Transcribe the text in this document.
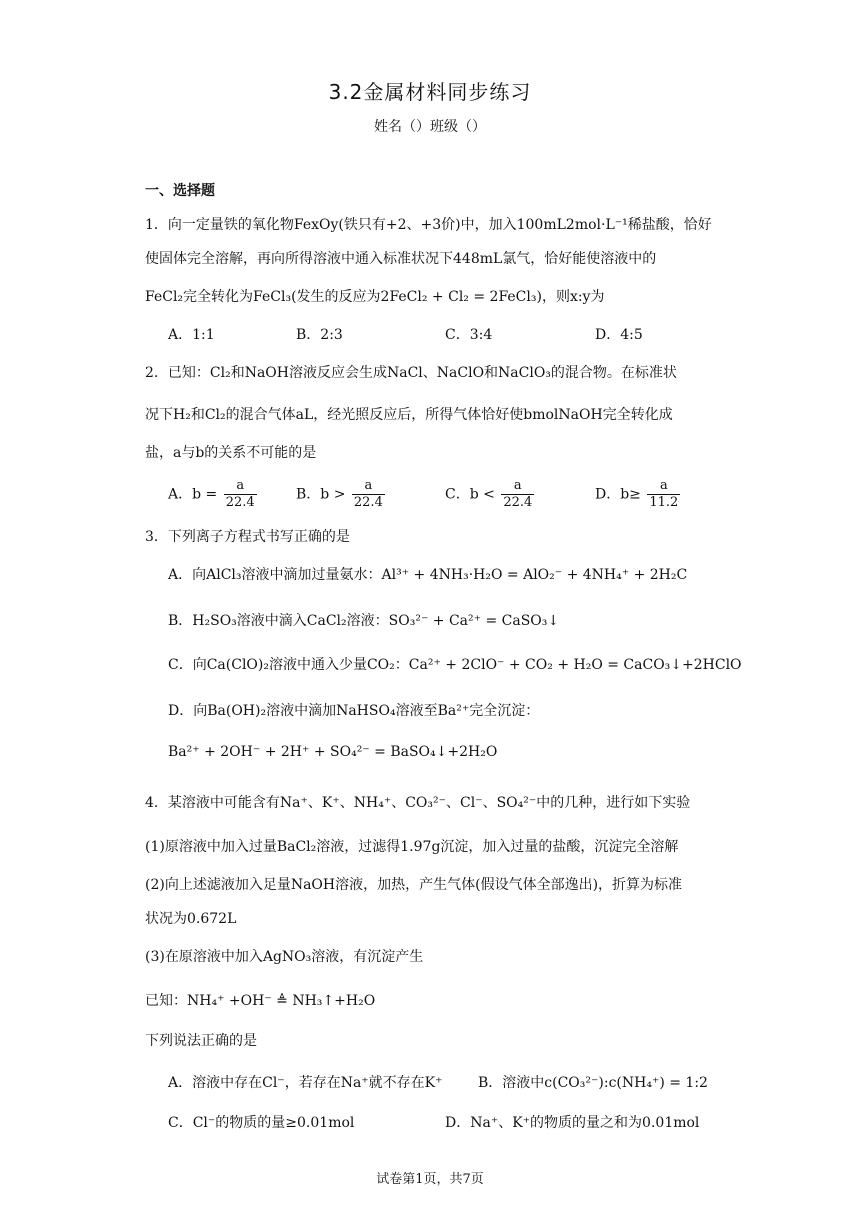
3.2金属材料同步练习
姓名（）班级（）
一、选择题
1．向一定量铁的氧化物FexOy(铁只有+2、+3价)中，加入100mL2mol·L⁻¹稀盐酸，恰好
使固体完全溶解，再向所得溶液中通入标准状况下448mL氯气，恰好能使溶液中的
FeCl₂完全转化为FeCl₃(发生的反应为2FeCl₂ + Cl₂ = 2FeCl₃)，则x:y为
A．1:1	B．2:3	C．3:4	D．4:5
2．已知：Cl₂和NaOH溶液反应会生成NaCl、NaClO和NaClO₃的混合物。在标准状
况下H₂和Cl₂的混合气体aL，经光照反应后，所得气体恰好使bmolNaOH完全转化成
盐，a与b的关系不可能的是
A．$b = \frac{a}{22.4}$	B．$b > \frac{a}{22.4}$	C．$b < \frac{a}{22.4}$	D．$b\ge \frac{a}{11.2}$
3．下列离子方程式书写正确的是
A．向AlCl₃溶液中滴加过量氨水：Al³⁺ + 4NH₃·H₂O = AlO₂⁻ + 4NH₄⁺ + 2H₂C
B．H₂SO₃溶液中滴入CaCl₂溶液：SO₃²⁻ + Ca²⁺ = CaSO₃↓
C．向Ca(ClO)₂溶液中通入少量CO₂：Ca²⁺ + 2ClO⁻ + CO₂ + H₂O = CaCO₃↓+2HClO
D．向Ba(OH)₂溶液中滴加NaHSO₄溶液至Ba²⁺完全沉淀：
Ba²⁺ + 2OH⁻ + 2H⁺ + SO₄²⁻ = BaSO₄↓+2H₂O
4．某溶液中可能含有Na⁺、K⁺、NH₄⁺、CO₃²⁻、Cl⁻、SO₄²⁻中的几种，进行如下实验
(1)原溶液中加入过量BaCl₂溶液，过滤得1.97g沉淀，加入过量的盐酸，沉淀完全溶解
(2)向上述滤液加入足量NaOH溶液，加热，产生气体(假设气体全部逸出)，折算为标准
状况为0.672L
(3)在原溶液中加入AgNO₃溶液，有沉淀产生
已知：NH₄⁺ +OH⁻ ≜ NH₃↑+H₂O
下列说法正确的是
A．溶液中存在Cl⁻，若存在Na⁺就不存在K⁺	B．溶液中c(CO₃²⁻):c(NH₄⁺) = 1:2
C．Cl⁻的物质的量≥0.01mol	D．Na⁺、K⁺的物质的量之和为0.01mol
试卷第1页，共7页
